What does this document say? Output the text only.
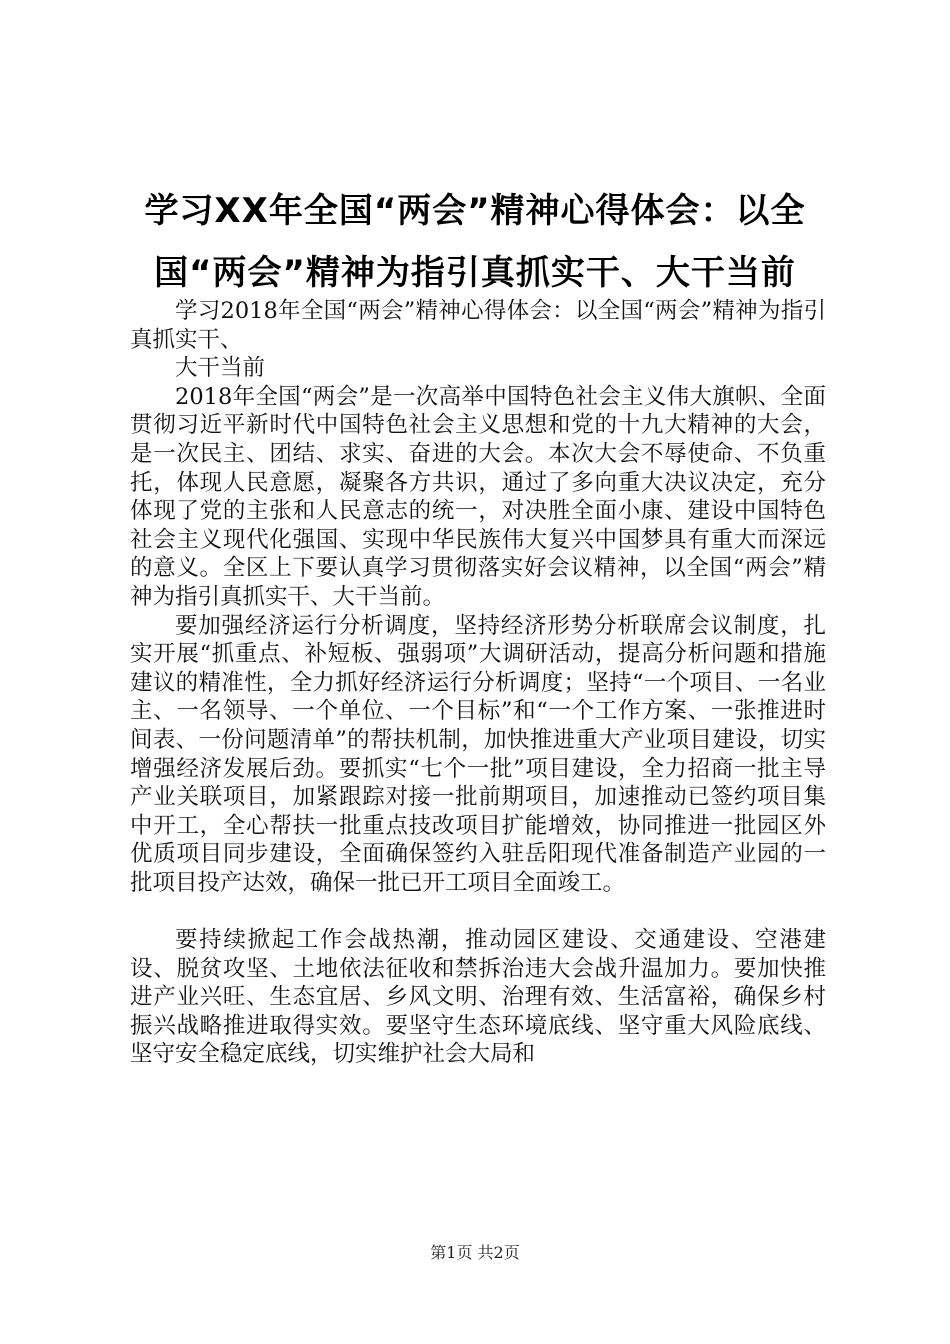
学习XX年全国“两会”精神心得体会：以全国“两会”精神为指引真抓实干、大干当前

学习2018年全国“两会”精神心得体会：以全国“两会”精神为指引真抓实干、

大干当前

2018年全国“两会”是一次高举中国特色社会主义伟大旗帜、全面贯彻习近平新时代中国特色社会主义思想和党的十九大精神的大会，是一次民主、团结、求实、奋进的大会。本次大会不辱使命、不负重托，体现人民意愿，凝聚各方共识，通过了多向重大决议决定，充分体现了党的主张和人民意志的统一，对决胜全面小康、建设中国特色社会主义现代化强国、实现中华民族伟大复兴中国梦具有重大而深远的意义。全区上下要认真学习贯彻落实好会议精神，以全国“两会”精神为指引真抓实干、大干当前。

要加强经济运行分析调度，坚持经济形势分析联席会议制度，扎实开展“抓重点、补短板、强弱项”大调研活动，提高分析问题和措施建议的精准性，全力抓好经济运行分析调度；坚持“一个项目、一名业主、一名领导、一个单位、一个目标”和“一个工作方案、一张推进时间表、一份问题清单”的帮扶机制，加快推进重大产业项目建设，切实增强经济发展后劲。要抓实“七个一批”项目建设，全力招商一批主导产业关联项目，加紧跟踪对接一批前期项目，加速推动已签约项目集中开工，全心帮扶一批重点技改项目扩能增效，协同推进一批园区外优质项目同步建设，全面确保签约入驻岳阳现代准备制造产业园的一批项目投产达效，确保一批已开工项目全面竣工。

要持续掀起工作会战热潮，推动园区建设、交通建设、空港建设、脱贫攻坚、土地依法征收和禁拆治违大会战升温加力。要加快推进产业兴旺、生态宜居、乡风文明、治理有效、生活富裕，确保乡村振兴战略推进取得实效。要坚守生态环境底线、坚守重大风险底线、坚守安全稳定底线，切实维护社会大局和

第1页 共2页
